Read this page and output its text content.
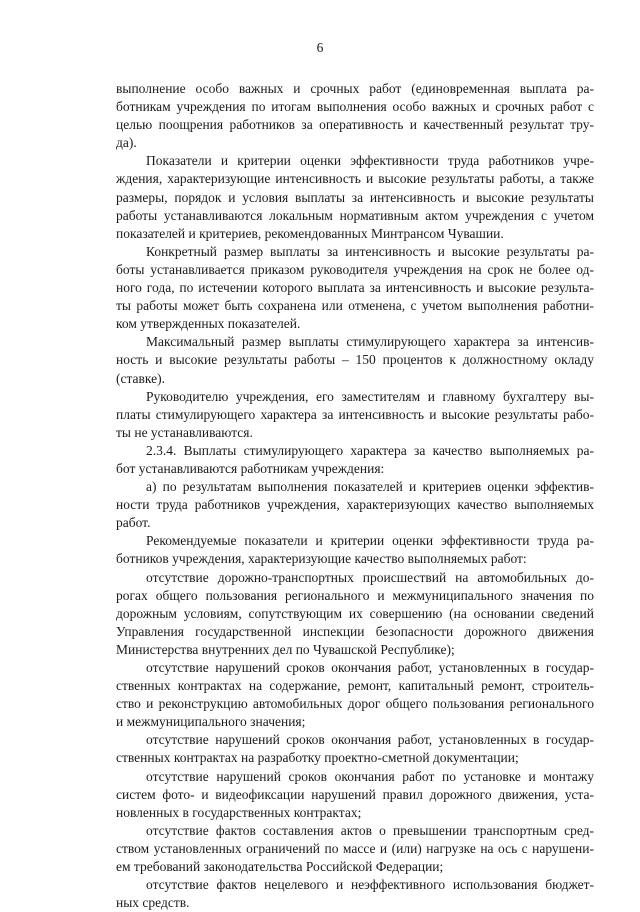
6

выполнение особо важных и срочных работ (единовременная выплата ра-
ботникам учреждения по итогам выполнения особо важных и срочных работ с
целью поощрения работников за оперативность и качественный результат тру-
да).

Показатели и критерии оценки эффективности труда работников учре-
ждения, характеризующие интенсивность и высокие результаты работы, а также
размеры, порядок и условия выплаты за интенсивность и высокие результаты
работы устанавливаются локальным нормативным актом учреждения с учетом
показателей и критериев, рекомендованных Минтрансом Чувашии.

Конкретный размер выплаты за интенсивность и высокие результаты ра-
боты устанавливается приказом руководителя учреждения на срок не более од-
ного года, по истечении которого выплата за интенсивность и высокие результа-
ты работы может быть сохранена или отменена, с учетом выполнения работни-
ком утвержденных показателей.

Максимальный размер выплаты стимулирующего характера за интенсив-
ность и высокие результаты работы – 150 процентов к должностному окладу
(ставке).

Руководителю учреждения, его заместителям и главному бухгалтеру вы-
платы стимулирующего характера за интенсивность и высокие результаты рабо-
ты не устанавливаются.

2.3.4. Выплаты стимулирующего характера за качество выполняемых ра-
бот устанавливаются работникам учреждения:

а) по результатам выполнения показателей и критериев оценки эффектив-
ности труда работников учреждения, характеризующих качество выполняемых
работ.

Рекомендуемые показатели и критерии оценки эффективности труда ра-
ботников учреждения, характеризующие качество выполняемых работ:

отсутствие дорожно-транспортных происшествий на автомобильных до-
рогах общего пользования регионального и межмуниципального значения по
дорожным условиям, сопутствующим их совершению (на основании сведений
Управления государственной инспекции безопасности дорожного движения
Министерства внутренних дел по Чувашской Республике);

отсутствие нарушений сроков окончания работ, установленных в государ-
ственных контрактах на содержание, ремонт, капитальный ремонт, строитель-
ство и реконструкцию автомобильных дорог общего пользования регионального
и межмуниципального значения;

отсутствие нарушений сроков окончания работ, установленных в государ-
ственных контрактах на разработку проектно-сметной документации;

отсутствие нарушений сроков окончания работ по установке и монтажу
систем фото- и видеофиксации нарушений правил дорожного движения, уста-
новленных в государственных контрактах;

отсутствие фактов составления актов о превышении транспортным сред-
ством установленных ограничений по массе и (или) нагрузке на ось с нарушени-
ем требований законодательства Российской Федерации;

отсутствие фактов нецелевого и неэффективного использования бюджет-
ных средств.
